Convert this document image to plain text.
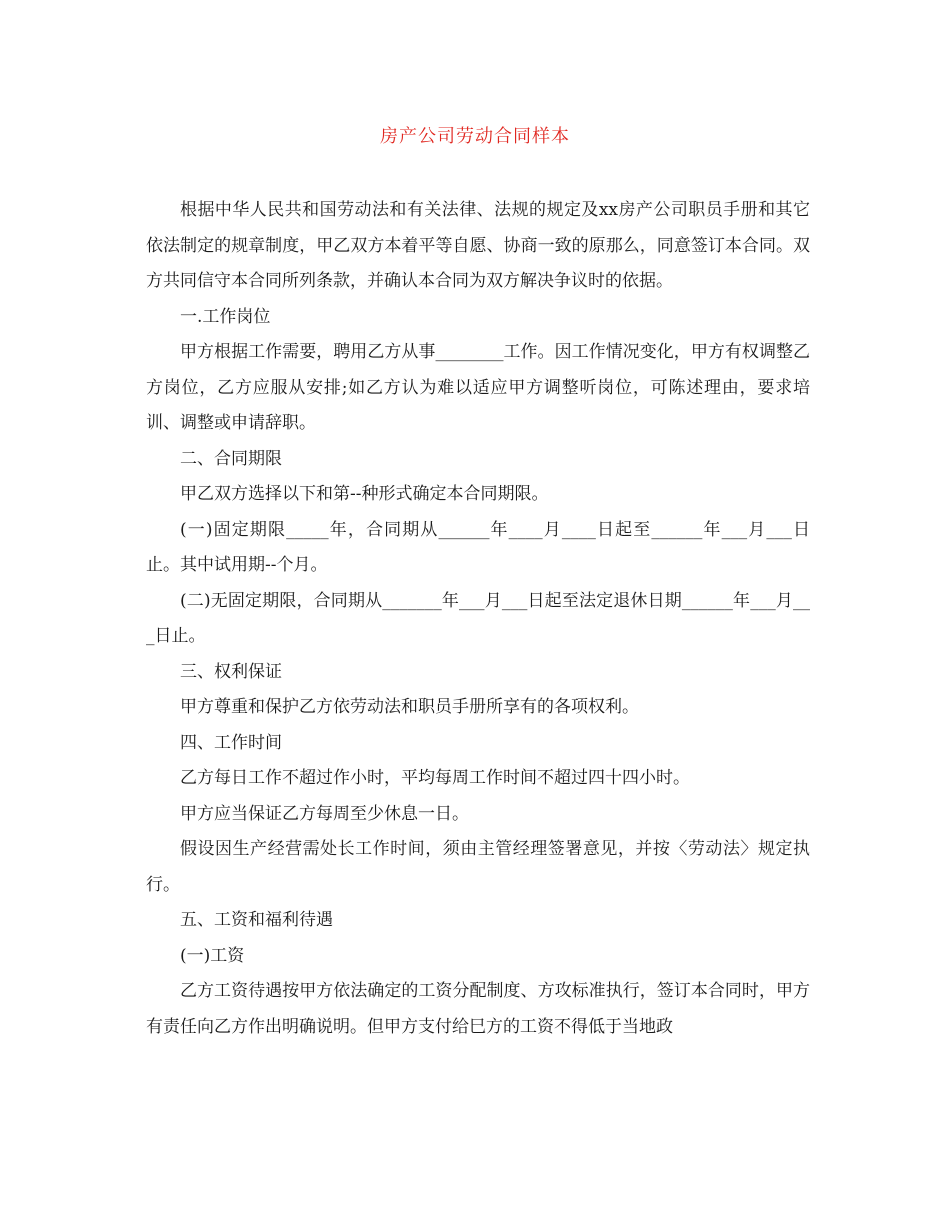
房产公司劳动合同样本

根据中华人民共和国劳动法和有关法律、法规的规定及xx房产公司职员手册和其它依法制定的规章制度，甲乙双方本着平等自愿、协商一致的原那么，同意签订本合同。双方共同信守本合同所列条款，并确认本合同为双方解决争议时的依据。

一.工作岗位

甲方根据工作需要，聘用乙方从事________工作。因工作情况变化，甲方有权调整乙方岗位，乙方应服从安排;如乙方认为难以适应甲方调整听岗位，可陈述理由，要求培训、调整或申请辞职。

二、合同期限

甲乙双方选择以下和第--种形式确定本合同期限。

(一)固定期限_____年，合同期从______年____月____日起至______年___月___日止。其中试用期--个月。

(二)无固定期限，合同期从_______年___月___日起至法定退休日期______年___月___日止。

三、权利保证

甲方尊重和保护乙方依劳动法和职员手册所享有的各项权利。

四、工作时间

乙方每日工作不超过作小时，平均每周工作时间不超过四十四小时。

甲方应当保证乙方每周至少休息一日。

假设因生产经营需处长工作时间，须由主管经理签署意见，并按〈劳动法〉规定执行。

五、工资和福利待遇

(一)工资

乙方工资待遇按甲方依法确定的工资分配制度、方攻标准执行，签订本合同时，甲方有责任向乙方作出明确说明。但甲方支付给巳方的工资不得低于当地政
